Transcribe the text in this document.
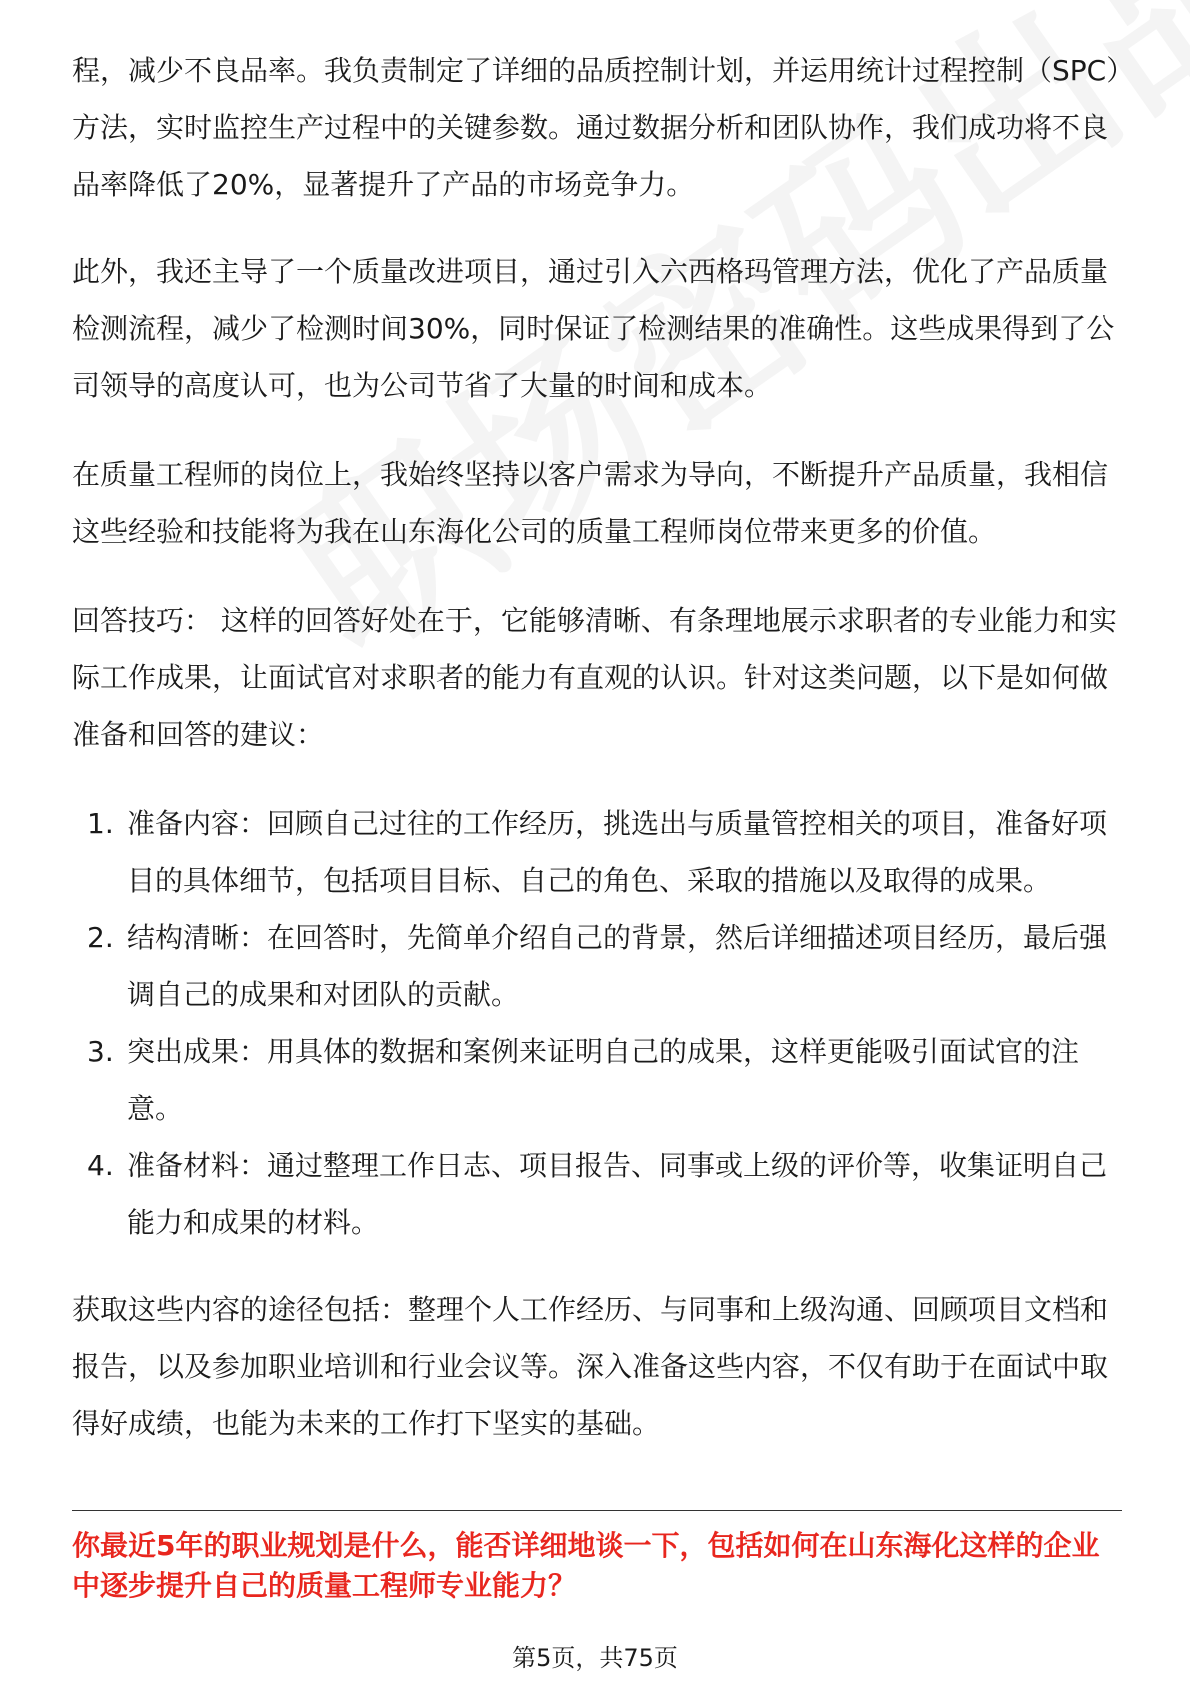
程，减少不良品率。我负责制定了详细的品质控制计划，并运用统计过程控制（SPC）方法，实时监控生产过程中的关键参数。通过数据分析和团队协作，我们成功将不良品率降低了20%，显著提升了产品的市场竞争力。

此外，我还主导了一个质量改进项目，通过引入六西格玛管理方法，优化了产品质量检测流程，减少了检测时间30%，同时保证了检测结果的准确性。这些成果得到了公司领导的高度认可，也为公司节省了大量的时间和成本。

在质量工程师的岗位上，我始终坚持以客户需求为导向，不断提升产品质量，我相信这些经验和技能将为我在山东海化公司的质量工程师岗位带来更多的价值。

回答技巧： 这样的回答好处在于，它能够清晰、有条理地展示求职者的专业能力和实际工作成果，让面试官对求职者的能力有直观的认识。针对这类问题，以下是如何做准备和回答的建议：

1. 准备内容：回顾自己过往的工作经历，挑选出与质量管控相关的项目，准备好项目的具体细节，包括项目目标、自己的角色、采取的措施以及取得的成果。
2. 结构清晰：在回答时，先简单介绍自己的背景，然后详细描述项目经历，最后强调自己的成果和对团队的贡献。
3. 突出成果：用具体的数据和案例来证明自己的成果，这样更能吸引面试官的注意。
4. 准备材料：通过整理工作日志、项目报告、同事或上级的评价等，收集证明自己能力和成果的材料。

获取这些内容的途径包括：整理个人工作经历、与同事和上级沟通、回顾项目文档和报告，以及参加职业培训和行业会议等。深入准备这些内容，不仅有助于在面试中取得好成绩，也能为未来的工作打下坚实的基础。

你最近5年的职业规划是什么，能否详细地谈一下，包括如何在山东海化这样的企业中逐步提升自己的质量工程师专业能力？
第5页，共75页
